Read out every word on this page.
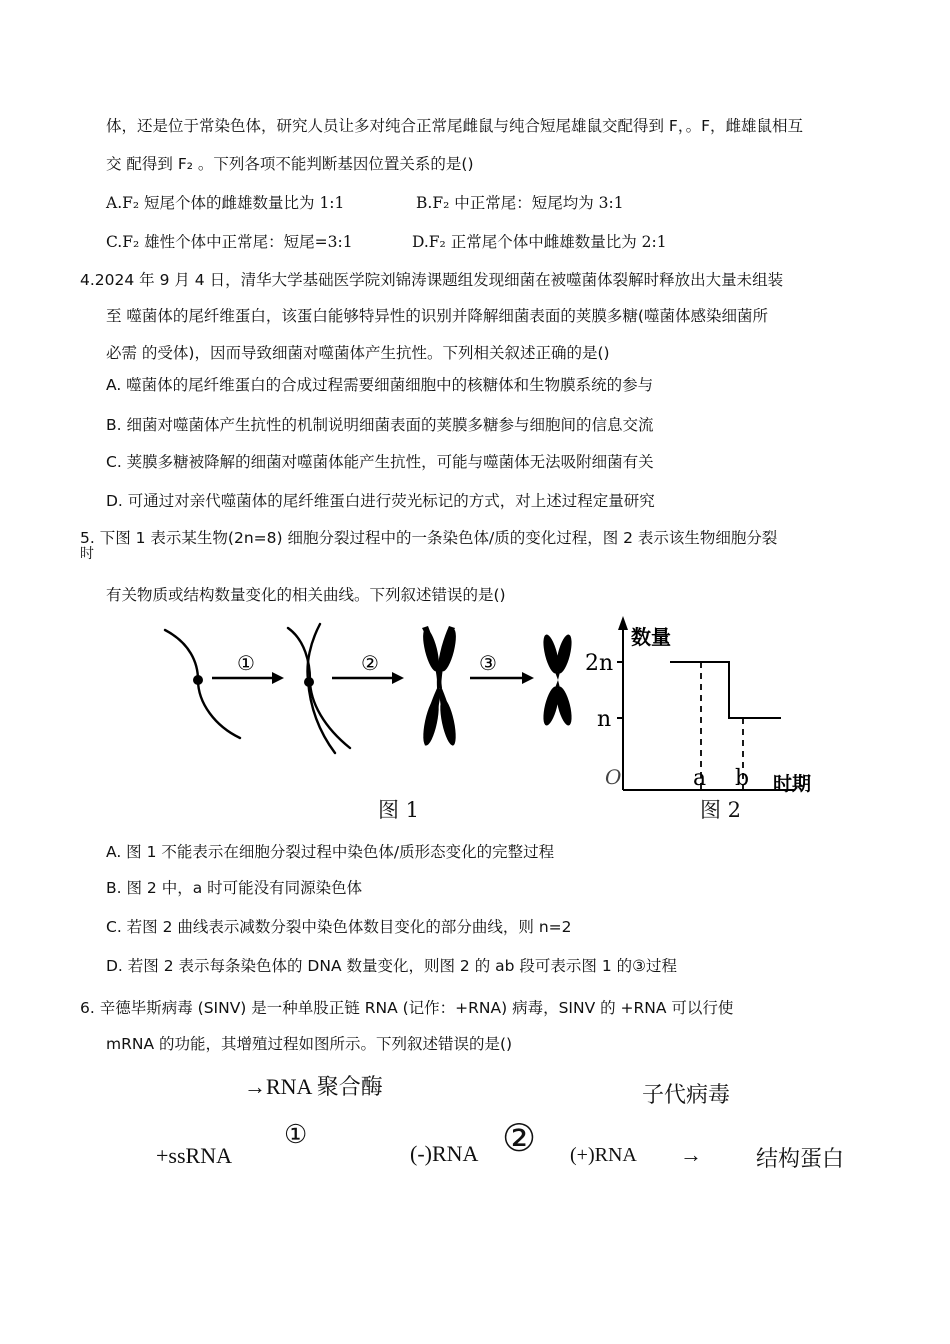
体，还是位于常染色体，研究人员让多对纯合正常尾雌鼠与纯合短尾雄鼠交配得到 F，。F，雌雄鼠相互
交 配得到 F₂ 。下列各项不能判断基因位置关系的是()
A.F₂ 短尾个体的雌雄数量比为 1:1	B.F₂ 中正常尾：短尾均为 3:1
C.F₂ 雄性个体中正常尾：短尾=3:1	D.F₂ 正常尾个体中雌雄数量比为 2:1
4.2024 年 9 月 4 日，清华大学基础医学院刘锦涛课题组发现细菌在被噬菌体裂解时释放出大量未组装
至 噬菌体的尾纤维蛋白，该蛋白能够特异性的识别并降解细菌表面的荚膜多糖(噬菌体感染细菌所
必需 的受体)，因而导致细菌对噬菌体产生抗性。下列相关叙述正确的是()
A. 噬菌体的尾纤维蛋白的合成过程需要细菌细胞中的核糖体和生物膜系统的参与
B. 细菌对噬菌体产生抗性的机制说明细菌表面的荚膜多糖参与细胞间的信息交流
C. 荚膜多糖被降解的细菌对噬菌体能产生抗性，可能与噬菌体无法吸附细菌有关
D. 可通过对亲代噬菌体的尾纤维蛋白进行荧光标记的方式，对上述过程定量研究
5. 下图 1 表示某生物(2n=8) 细胞分裂过程中的一条染色体/质的变化过程，图 2 表示该生物细胞分裂
时
有关物质或结构数量变化的相关曲线。下列叙述错误的是()
①	②	③
图 1
数量
2n
n
O	a b 时期
图 2
A. 图 1 不能表示在细胞分裂过程中染色体/质形态变化的完整过程
B. 图 2 中，a 时可能没有同源染色体
C. 若图 2 曲线表示减数分裂中染色体数目变化的部分曲线，则 n=2
D. 若图 2 表示每条染色体的 DNA 数量变化，则图 2 的 ab 段可表示图 1 的③过程
6. 辛德毕斯病毒 (SINV) 是一种单股正链 RNA (记作：+RNA) 病毒，SINV 的 +RNA 可以行使
mRNA 的功能，其增殖过程如图所示。下列叙述错误的是()
→RNA 聚合酶	子代病毒
①
+ssRNA	(-)RNA ② (+)RNA → 结构蛋白
